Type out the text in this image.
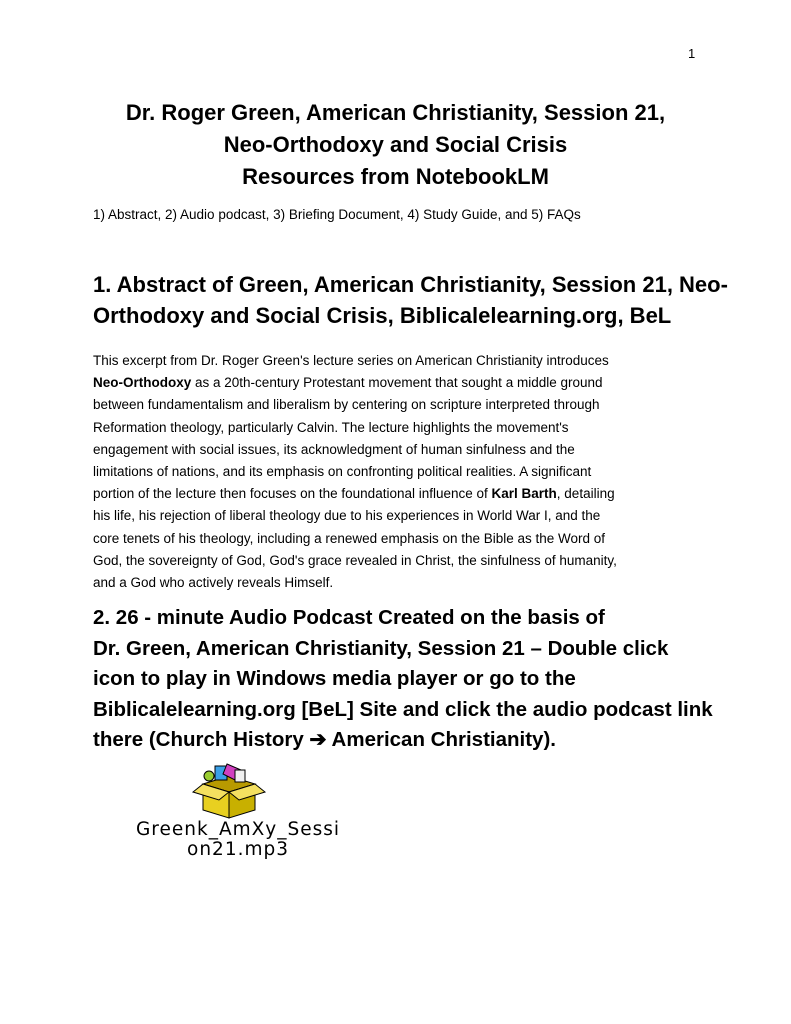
1
Dr. Roger Green, American Christianity, Session 21,
Neo-Orthodoxy and Social Crisis
Resources from NotebookLM
1) Abstract, 2) Audio podcast, 3) Briefing Document, 4) Study Guide, and 5) FAQs
1. Abstract of Green, American Christianity, Session 21, Neo-
Orthodoxy and Social Crisis, Biblicalelearning.org, BeL
This excerpt from Dr. Roger Green's lecture series on American Christianity introduces
Neo-Orthodoxy as a 20th-century Protestant movement that sought a middle ground
between fundamentalism and liberalism by centering on scripture interpreted through
Reformation theology, particularly Calvin. The lecture highlights the movement's
engagement with social issues, its acknowledgment of human sinfulness and the
limitations of nations, and its emphasis on confronting political realities. A significant
portion of the lecture then focuses on the foundational influence of Karl Barth, detailing
his life, his rejection of liberal theology due to his experiences in World War I, and the
core tenets of his theology, including a renewed emphasis on the Bible as the Word of
God, the sovereignty of God, God's grace revealed in Christ, the sinfulness of humanity,
and a God who actively reveals Himself.
2. 26 - minute Audio Podcast Created on the basis of
Dr. Green, American Christianity, Session 21 – Double click
icon to play in Windows media player or go to the
Biblicalelearning.org [BeL] Site and click the audio podcast link
there (Church History ➔ American Christianity).
Greenk_AmXy_Sessi
on21.mp3
